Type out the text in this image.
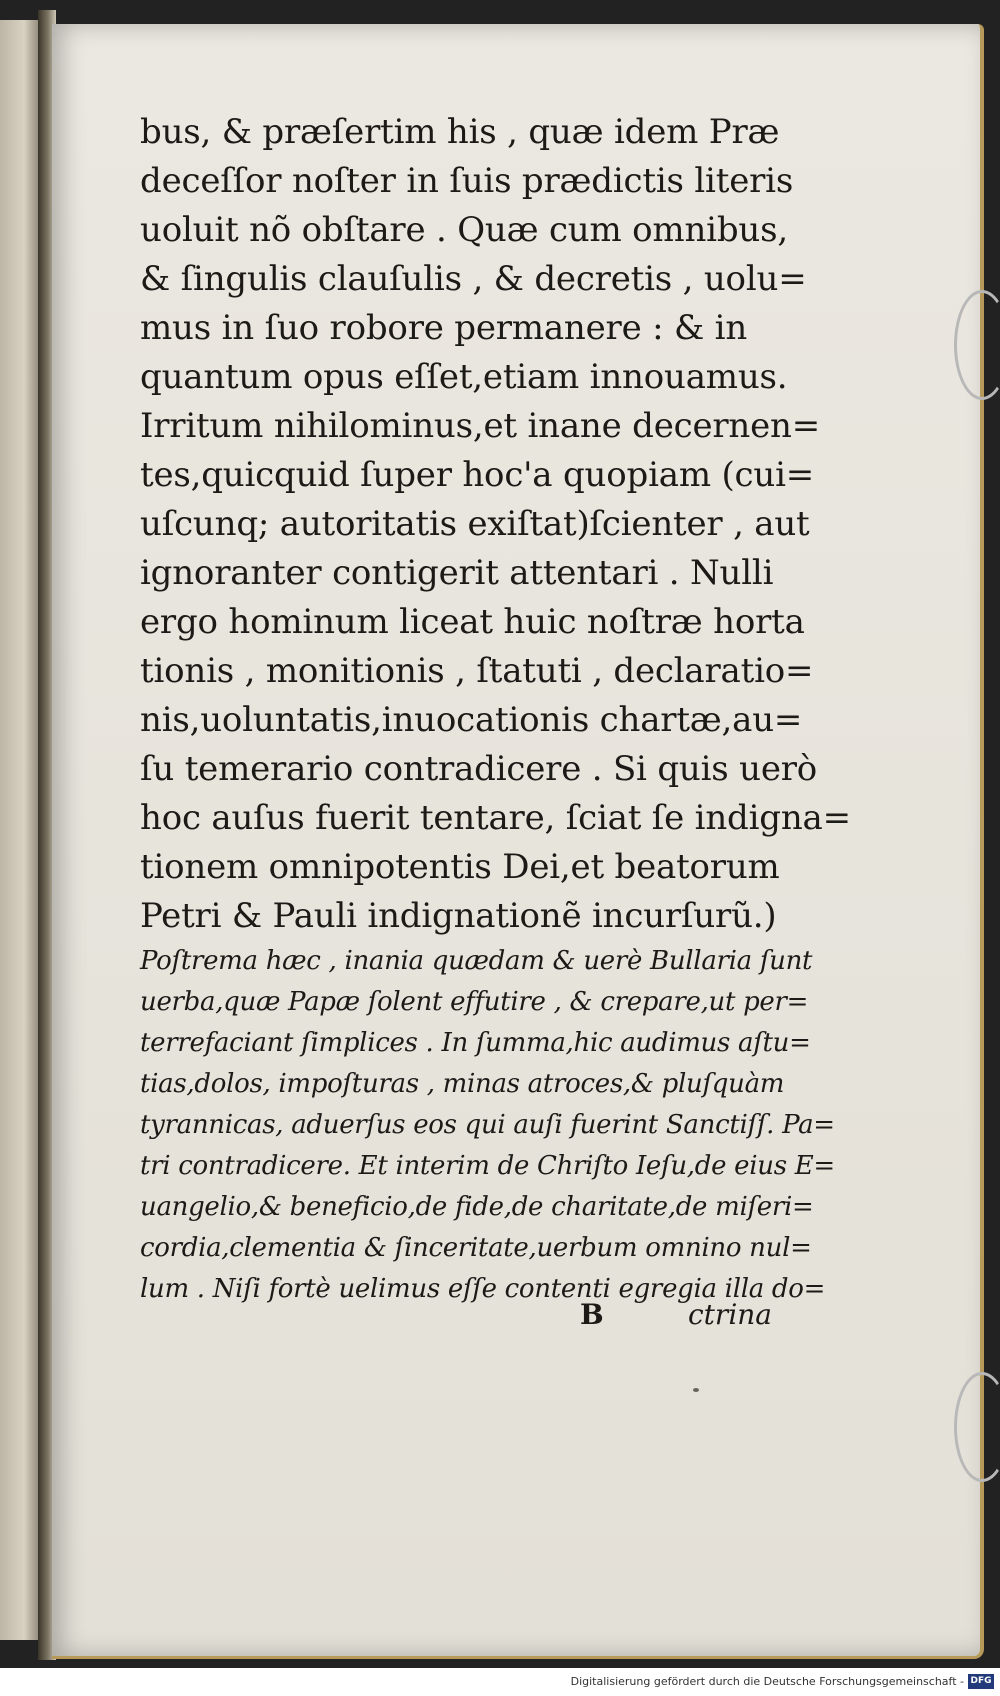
bus, & præſertim his , quæ idem Præ

deceſſor noſter in ſuis prædictis literis

uoluit nõ obſtare . Quæ cum omnibus,

& ſingulis clauſulis , & decretis , uolu=

mus in ſuo robore permanere : & in

quantum opus eſſet,etiam innouamus.

Irritum nihilominus,et inane decernen=

tes,quicquid ſuper hoc'a quopiam (cui=

uſcunq; autoritatis exiſtat)ſcienter , aut

ignoranter contigerit attentari . Nulli

ergo hominum liceat huic noſtræ horta

tionis , monitionis , ſtatuti , declaratio=

nis,uoluntatis,inuocationis chartæ,au=

ſu temerario contradicere . Si quis uerò

hoc auſus fuerit tentare, ſciat ſe indigna=

tionem omnipotentis Dei,et beatorum

Petri & Pauli indignationẽ incurſurũ.)

Poſtrema hæc , inania quædam & uerè Bullaria ſunt

uerba,quæ Papæ ſolent effutire , & crepare,ut per=

terrefaciant ſimplices . In ſumma,hic audimus aſtu=

tias,dolos, impoſturas , minas atroces,& pluſquàm

tyrannicas, aduerſus eos qui auſi fuerint Sanctiſſ. Pa=

tri contradicere. Et interim de Chriſto Ieſu,de eius E=

uangelio,& beneficio,de fide,de charitate,de miſeri=

cordia,clementia & ſinceritate,uerbum omnino nul=

lum . Niſi fortè uelimus eſſe contenti egregia illa do=

B	ctrina
Digitalisierung gefördert durch die Deutsche Forschungsgemeinschaft - DFG
